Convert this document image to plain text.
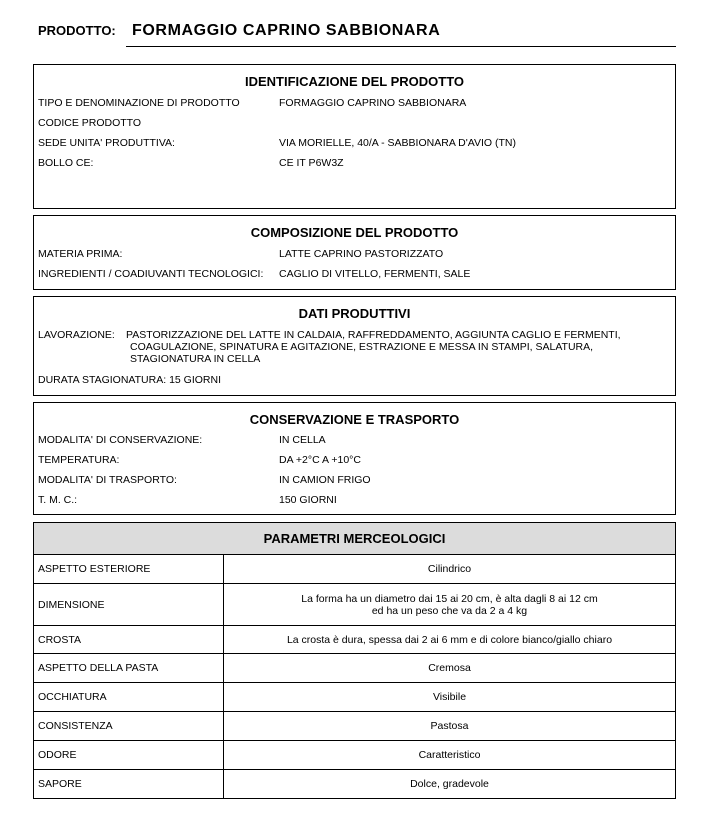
PRODOTTO: FORMAGGIO CAPRINO SABBIONARA
IDENTIFICAZIONE DEL PRODOTTO
TIPO E DENOMINAZIONE DI PRODOTTO	FORMAGGIO CAPRINO SABBIONARA
CODICE PRODOTTO
SEDE UNITA' PRODUTTIVA:	VIA MORIELLE, 40/A - SABBIONARA D'AVIO (TN)
BOLLO CE:	CE IT P6W3Z
COMPOSIZIONE DEL PRODOTTO
MATERIA PRIMA:	LATTE CAPRINO PASTORIZZATO
INGREDIENTI / COADIUVANTI TECNOLOGICI: CAGLIO DI VITELLO, FERMENTI, SALE
DATI PRODUTTIVI
LAVORAZIONE: PASTORIZZAZIONE DEL LATTE IN CALDAIA, RAFFREDDAMENTO, AGGIUNTA CAGLIO E FERMENTI,
COAGULAZIONE, SPINATURA E AGITAZIONE, ESTRAZIONE E MESSA IN STAMPI, SALATURA,
STAGIONATURA IN CELLA
DURATA STAGIONATURA: 15 GIORNI
CONSERVAZIONE E TRASPORTO
MODALITA' DI CONSERVAZIONE:	IN CELLA
TEMPERATURA:	DA +2°C A +10°C
MODALITA' DI TRASPORTO:	IN CAMION FRIGO
T. M. C.:	150 GIORNI
PARAMETRI MERCEOLOGICI	
ASPETTO ESTERIORE	Cilindrico
DIMENSIONE	La forma ha un diametro dai 15 ai 20 cm, è alta dagli 8 ai 12 cm
ed ha un peso che va da 2 a 4 kg

CROSTA	La crosta è dura, spessa dai 2 ai 6 mm e di colore bianco/giallo chiaro
ASPETTO DELLA PASTA	Cremosa
OCCHIATURA	Visibile
CONSISTENZA	Pastosa
ODORE	Caratteristico
SAPORE	Dolce, gradevole
